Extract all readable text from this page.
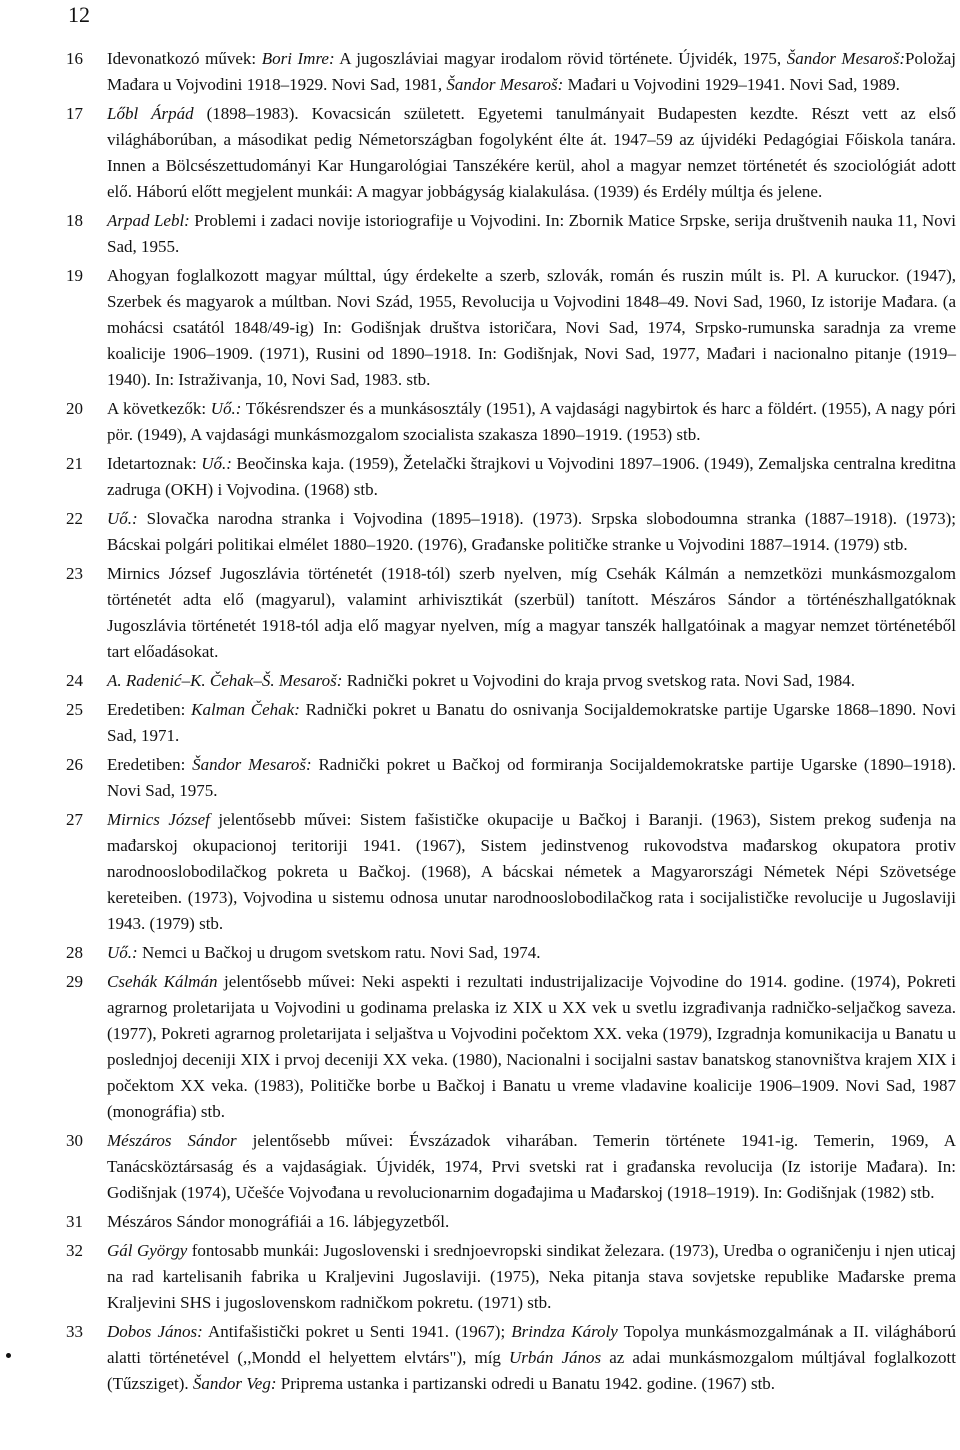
12
16	Idevonatkozó művek: Bori Imre: A jugoszláviai magyar irodalom rövid története. Újvidék, 1975, Šandor Mesaroš:Položaj Mađara u Vojvodini 1918–1929. Novi Sad, 1981, Šandor Mesaroš: Mađari u Vojvodini 1929–1941. Novi Sad, 1989.
17	Lőbl Árpád (1898–1983). Kovacsicán született. Egyetemi tanulmányait Budapesten kezdte. Részt vett az első világháborúban, a másodikat pedig Németországban fogolyként élte át. 1947–59 az újvidéki Pedagógiai Főiskola tanára. Innen a Bölcsészettudományi Kar Hungarológiai Tanszékére kerül, ahol a magyar nemzet történetét és szociológiát adott elő. Háború előtt megjelent munkái: A magyar jobbágyság kialakulása. (1939) és Erdély múltja és jelene.
18	Arpad Lebl: Problemi i zadaci novije istoriografije u Vojvodini. In: Zbornik Matice Srpske, serija društvenih nauka 11, Novi Sad, 1955.
19	Ahogyan foglalkozott magyar múlttal, úgy érdekelte a szerb, szlovák, román és ruszin múlt is. Pl. A kuruckor. (1947), Szerbek és magyarok a múltban. Novi Szád, 1955, Revolucija u Vojvodini 1848–49. Novi Sad, 1960, Iz istorije Mađara. (a mohácsi csatától 1848/49-ig) In: Godišnjak društva istoričara, Novi Sad, 1974, Srpsko-rumunska saradnja za vreme koalicije 1906–1909. (1971), Rusini od 1890–1918. In: Godišnjak, Novi Sad, 1977, Mađari i nacionalno pitanje (1919–1940). In: Istraživanja, 10, Novi Sad, 1983. stb.
20	A következők: Uő.: Tőkésrendszer és a munkásosztály (1951), A vajdasági nagybirtok és harc a földért. (1955), A nagy póri pör. (1949), A vajdasági munkásmozgalom szocialista szakasza 1890–1919. (1953) stb.
21	Idetartoznak: Uő.: Beočinska kaja. (1959), Žetelački štrajkovi u Vojvodini 1897–1906. (1949), Zemaljska centralna kreditna zadruga (OKH) i Vojvodina. (1968) stb.
22	Uő.: Slovačka narodna stranka i Vojvodina (1895–1918). (1973). Srpska slobodoumna stranka (1887–1918). (1973); Bácskai polgári politikai elmélet 1880–1920. (1976), Građanske političke stranke u Vojvodini 1887–1914. (1979) stb.
23	Mirnics József Jugoszlávia történetét (1918-tól) szerb nyelven, míg Csehák Kálmán a nemzetközi munkásmozgalom történetét adta elő (magyarul), valamint arhivisztikát (szerbül) tanított. Mészáros Sándor a történészhallgatóknak Jugoszlávia történetét 1918-tól adja elő magyar nyelven, míg a magyar tanszék hallgatóinak a magyar nemzet történetéből tart előadásokat.
24	A. Radenić–K. Čehak–Š. Mesaroš: Radnički pokret u Vojvodini do kraja prvog svetskog rata. Novi Sad, 1984.
25	Eredetiben: Kalman Čehak: Radnički pokret u Banatu do osnivanja Socijaldemokratske partije Ugarske 1868–1890. Novi Sad, 1971.
26	Eredetiben: Šandor Mesaroš: Radnički pokret u Bačkoj od formiranja Socijaldemokratske partije Ugarske (1890–1918). Novi Sad, 1975.
27	Mirnics József jelentősebb művei: Sistem fašističke okupacije u Bačkoj i Baranji. (1963), Sistem prekog suđenja na mađarskoj okupacionoj teritoriji 1941. (1967), Sistem jedinstvenog rukovodstva mađarskog okupatora protiv narodnooslobodilačkog pokreta u Bačkoj. (1968), A bácskai németek a Magyarországi Németek Népi Szövetsége kereteiben. (1973), Vojvodina u sistemu odnosa unutar narodnooslobodilačkog rata i socijalističke revolucije u Jugoslaviji 1943. (1979) stb.
28	Uő.: Nemci u Bačkoj u drugom svetskom ratu. Novi Sad, 1974.
29	Csehák Kálmán jelentősebb művei: Neki aspekti i rezultati industrijalizacije Vojvodine do 1914. godine. (1974), Pokreti agrarnog proletarijata u Vojvodini u godinama prelaska iz XIX u XX vek u svetlu izgrađivanja radničko-seljačkog saveza. (1977), Pokreti agrarnog proletarijata i seljaštva u Vojvodini počektom XX. veka (1979), Izgradnja komunikacija u Banatu u poslednjoj deceniji XIX i prvoj deceniji XX veka. (1980), Nacionalni i socijalni sastav banatskog stanovništva krajem XIX i počektom XX veka. (1983), Političke borbe u Bačkoj i Banatu u vreme vladavine koalicije 1906–1909. Novi Sad, 1987 (monográfia) stb.
30	Mészáros Sándor jelentősebb művei: Évszázadok viharában. Temerin története 1941-ig. Temerin, 1969, A Tanácsköztársaság és a vajdaságiak. Újvidék, 1974, Prvi svetski rat i građanska revolucija (Iz istorije Mađara). In: Godišnjak (1974), Učešće Vojvođana u revolucionarnim događajima u Mađarskoj (1918–1919). In: Godišnjak (1982) stb.
31	Mészáros Sándor monográfiái a 16. lábjegyzetből.
32	Gál György fontosabb munkái: Jugoslovenski i srednjoevropski sindikat železara. (1973), Uredba o ograničenju i njen uticaj na rad kartelisanih fabrika u Kraljevini Jugoslaviji. (1975), Neka pitanja stava sovjetske republike Mađarske prema Kraljevini SHS i jugoslovenskom radničkom pokretu. (1971) stb.
33	Dobos János: Antifašistički pokret u Senti 1941. (1967); Brindza Károly Topolya munkásmozgalmának a II. világháború alatti történetével (,,Mondd el helyettem elvtárs"), míg Urbán János az adai munkásmozgalom múltjával foglalkozott (Tűzsziget). Šandor Veg: Pripremа ustanka i partizanski odredi u Banatu 1942. godine. (1967) stb.
